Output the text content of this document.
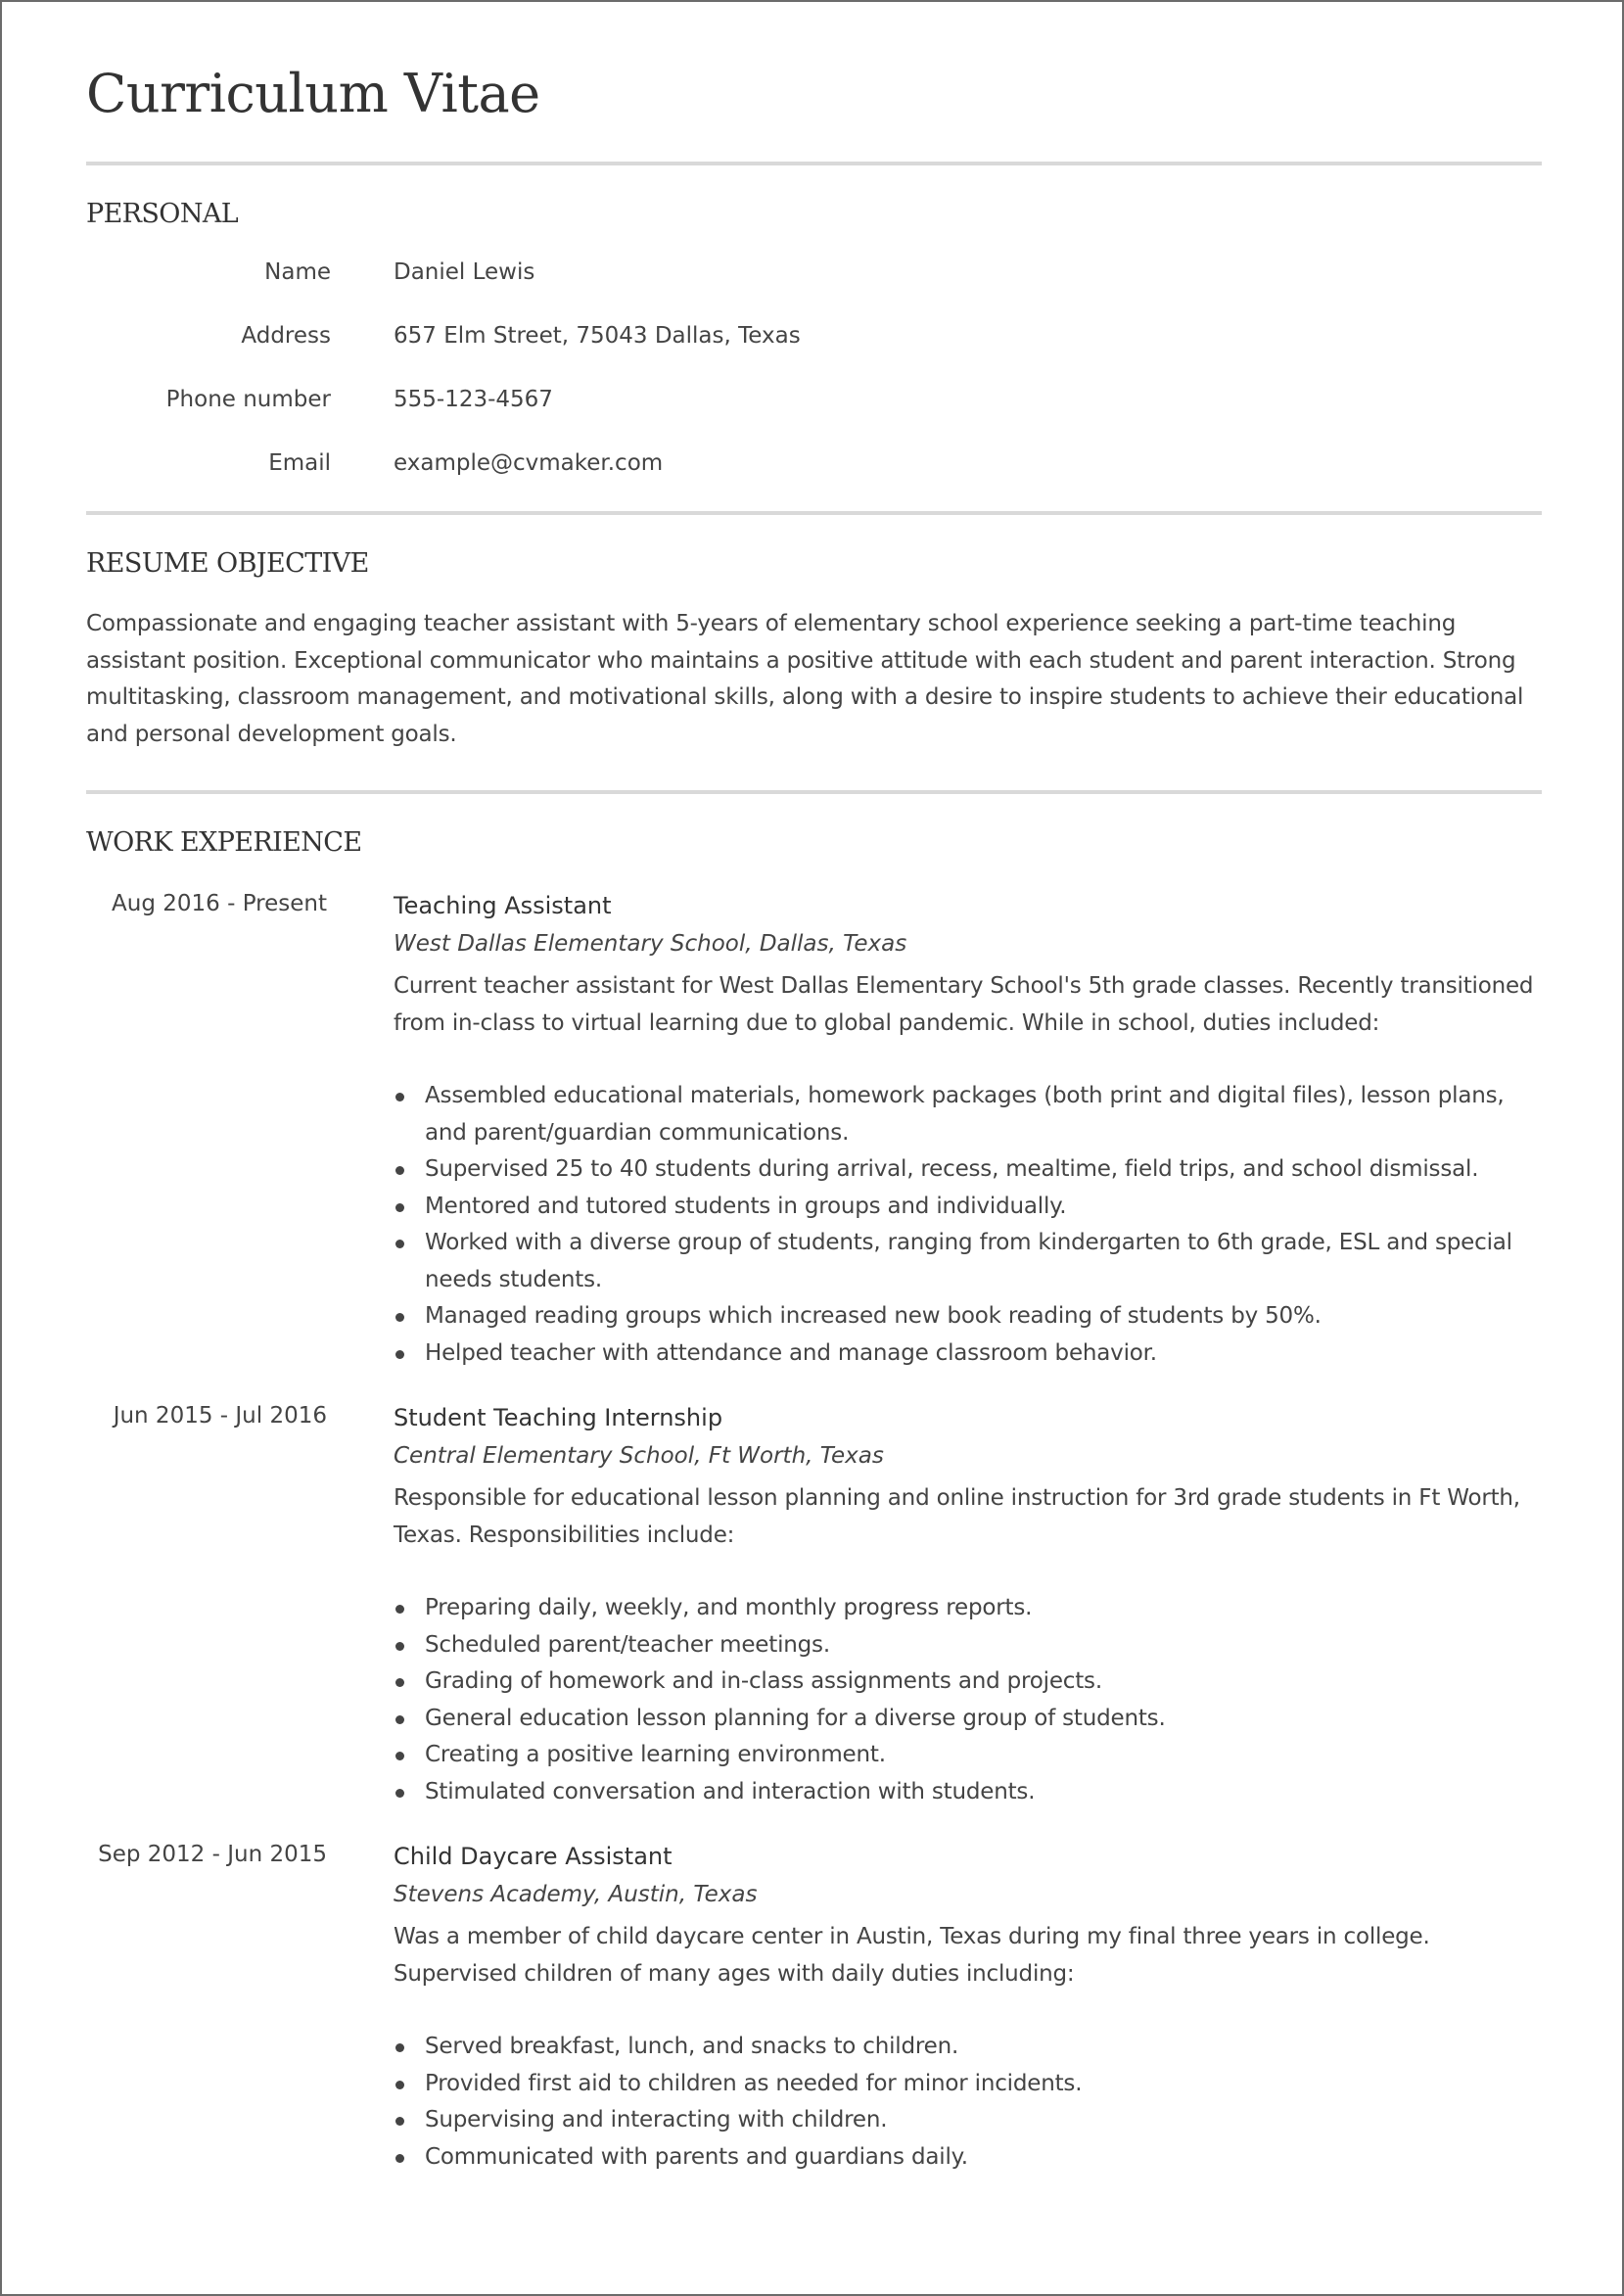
Curriculum Vitae
PERSONAL
Name	Daniel Lewis
Address	657 Elm Street, 75043 Dallas, Texas
Phone number	555-123-4567
Email	example@cvmaker.com
RESUME OBJECTIVE

Compassionate and engaging teacher assistant with 5-years of elementary school experience seeking a part-time teaching assistant position. Exceptional communicator who maintains a positive attitude with each student and parent interaction. Strong multitasking, classroom management, and motivational skills, along with a desire to inspire students to achieve their educational and personal development goals.

WORK EXPERIENCE
Aug 2016 - Present	Teaching Assistant
West Dallas Elementary School, Dallas, Texas

Current teacher assistant for West Dallas Elementary School's 5th grade classes. Recently transitioned from in-class to virtual learning due to global pandemic. While in school, duties included:

Assembled educational materials, homework packages (both print and digital files), lesson plans, and parent/guardian communications.
Supervised 25 to 40 students during arrival, recess, mealtime, field trips, and school dismissal.
Mentored and tutored students in groups and individually.
Worked with a diverse group of students, ranging from kindergarten to 6th grade, ESL and special needs students.
Managed reading groups which increased new book reading of students by 50%.
Helped teacher with attendance and manage classroom behavior.
Jun 2015 - Jul 2016	Student Teaching Internship
Central Elementary School, Ft Worth, Texas

Responsible for educational lesson planning and online instruction for 3rd grade students in Ft Worth, Texas. Responsibilities include:

Preparing daily, weekly, and monthly progress reports.
Scheduled parent/teacher meetings.
Grading of homework and in-class assignments and projects.
General education lesson planning for a diverse group of students.
Creating a positive learning environment.
Stimulated conversation and interaction with students.
Sep 2012 - Jun 2015	Child Daycare Assistant
Stevens Academy, Austin, Texas

Was a member of child daycare center in Austin, Texas during my final three years in college. Supervised children of many ages with daily duties including:

Served breakfast, lunch, and snacks to children.
Provided first aid to children as needed for minor incidents.
Supervising and interacting with children.
Communicated with parents and guardians daily.
